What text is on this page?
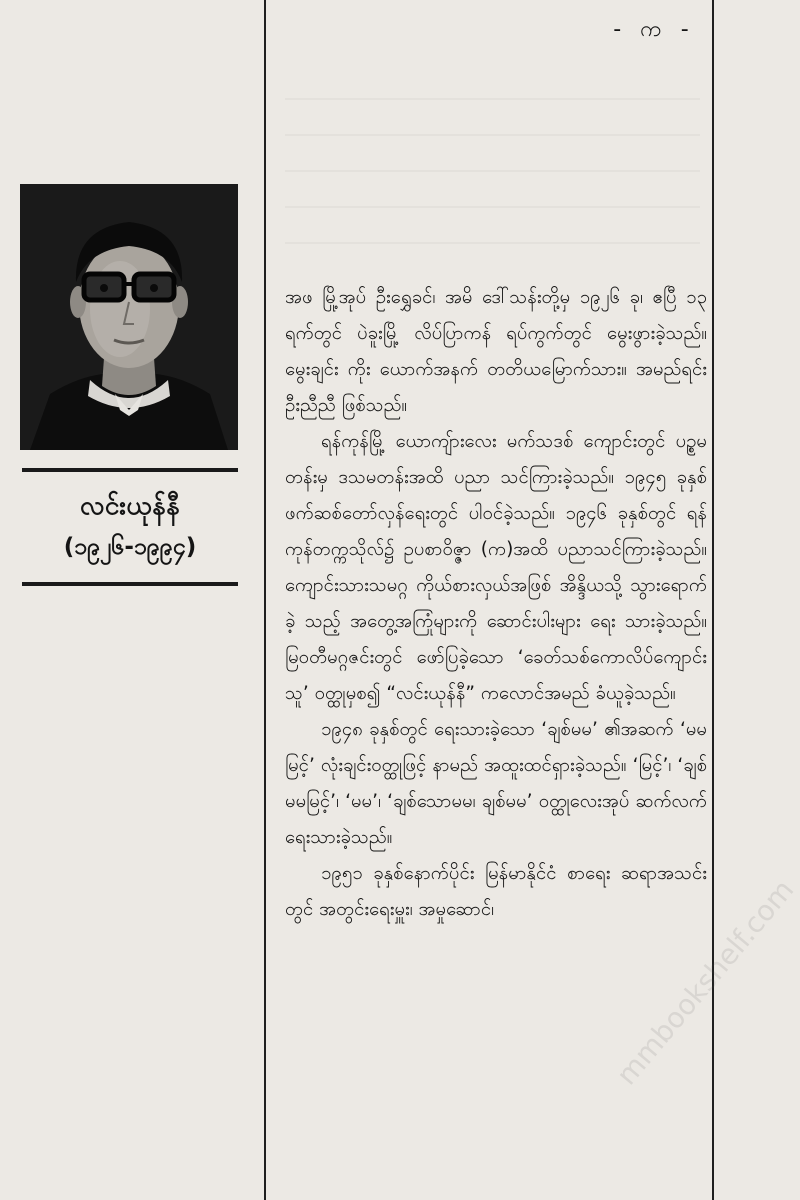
လင်းယုန်နီ
(၁၉၂၆-၁၉၉၄)
- က -

အဖ မြို့အုပ် ဦးရွှေခင်၊ အမိ ဒေါ်သန်းတို့မှ ၁၉၂၆ ခု၊ ဧပြီ ၁၃ ရက်တွင် ပဲခူးမြို့ လိပ်ပြာကန် ရပ်ကွက်တွင် မွေးဖွားခဲ့သည်။ မွေးချင်း ကိုး ယောက်အနက် တတိယမြောက်သား။ အမည်ရင်း ဦးညီညီ ဖြစ်သည်။

ရန်ကုန်မြို့ ယောကျ်ားလေး မက်သဒစ် ကျောင်းတွင် ပဉ္စမတန်းမှ ဒသမတန်းအထိ ပညာ သင်ကြားခဲ့သည်။ ၁၉၄၅ ခုနှစ် ဖက်ဆစ်တော်လှန်ရေးတွင် ပါဝင်ခဲ့သည်။ ၁၉၄၆ ခုနှစ်တွင် ရန်ကုန်တက္ကသိုလ်၌ ဥပစာဝိဇ္ဇာ (က)အထိ ပညာသင်ကြားခဲ့သည်။ ကျောင်းသားသမဂ္ဂ ကိုယ်စားလှယ်အဖြစ် အိန္ဒိယသို့ သွားရောက်ခဲ့ သည့် အတွေ့အကြုံများကို ဆောင်းပါးများ ရေး သားခဲ့သည်။ မြဝတီမဂ္ဂဇင်းတွင် ဖော်ပြခဲ့သော ‘ခေတ်သစ်ကောလိပ်ကျောင်းသူ’ ဝတ္ထုမှစ၍ “လင်းယုန်နီ” ကလောင်အမည် ခံယူခဲ့သည်။

၁၉၄၈ ခုနှစ်တွင် ရေးသားခဲ့သော ‘ချစ်မမ’ ၏အဆက် ‘မမမြင့်’ လုံးချင်းဝတ္ထုဖြင့် နာမည် အထူးထင်ရှားခဲ့သည်။ ‘မြင့်’၊ ‘ချစ်မမမြင့်’၊ ‘မမ’၊ ‘ချစ်သောမမ၊ ချစ်မမ’ ဝတ္ထုလေးအုပ် ဆက်လက် ရေးသားခဲ့သည်။

၁၉၅၁ ခုနှစ်နောက်ပိုင်း မြန်မာနိုင်ငံ စာရေး ဆရာအသင်းတွင် အတွင်းရေးမှူး၊ အမှုဆောင်၊	mmbookshelf.com
